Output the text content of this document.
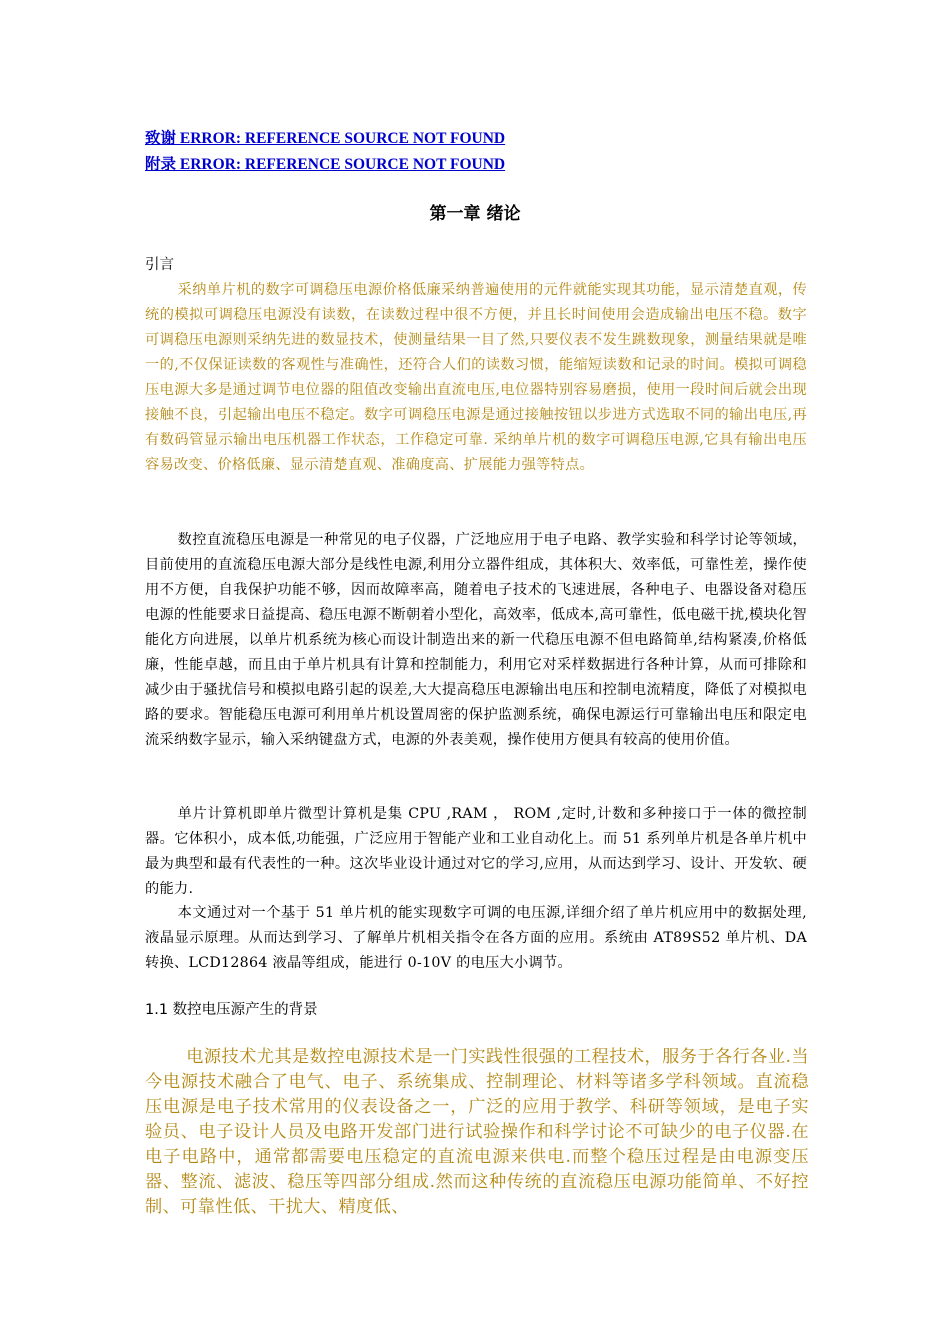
致谢 ERROR: REFERENCE SOURCE NOT FOUND
附录 ERROR: REFERENCE SOURCE NOT FOUND
第一章 绪论
引言

采纳单片机的数字可调稳压电源价格低廉采纳普遍使用的元件就能实现其功能，显示清楚直观，传统的模拟可调稳压电源没有读数，在读数过程中很不方便，并且长时间使用会造成输出电压不稳。数字可调稳压电源则采纳先进的数显技术，使测量结果一目了然,只要仪表不发生跳数现象，测量结果就是唯一的,不仅保证读数的客观性与准确性，还符合人们的读数习惯，能缩短读数和记录的时间。模拟可调稳压电源大多是通过调节电位器的阻值改变输出直流电压,电位器特别容易磨损，使用一段时间后就会出现接触不良，引起输出电压不稳定。数字可调稳压电源是通过接触按钮以步进方式选取不同的输出电压,再有数码管显示输出电压机器工作状态，工作稳定可靠. 采纳单片机的数字可调稳压电源,它具有输出电压容易改变、价格低廉、显示清楚直观、准确度高、扩展能力强等特点。

数控直流稳压电源是一种常见的电子仪器，广泛地应用于电子电路、教学实验和科学讨论等领域，目前使用的直流稳压电源大部分是线性电源,利用分立器件组成，其体积大、效率低，可靠性差，操作使用不方便，自我保护功能不够，因而故障率高，随着电子技术的飞速进展，各种电子、电器设备对稳压电源的性能要求日益提高、稳压电源不断朝着小型化，高效率，低成本,高可靠性，低电磁干扰,模块化智能化方向进展，以单片机系统为核心而设计制造出来的新一代稳压电源不但电路简单,结构紧凑,价格低廉，性能卓越，而且由于单片机具有计算和控制能力，利用它对采样数据进行各种计算，从而可排除和减少由于骚扰信号和模拟电路引起的误差,大大提高稳压电源输出电压和控制电流精度，降低了对模拟电路的要求。智能稳压电源可利用单片机设置周密的保护监测系统，确保电源运行可靠输出电压和限定电流采纳数字显示，输入采纳键盘方式，电源的外表美观，操作使用方便具有较高的使用价值。

单片计算机即单片微型计算机是集 CPU ,RAM ， ROM ,定时,计数和多种接口于一体的微控制器。它体积小，成本低,功能强，广泛应用于智能产业和工业自动化上。而 51 系列单片机是各单片机中最为典型和最有代表性的一种。这次毕业设计通过对它的学习,应用，从而达到学习、设计、开发软、硬的能力.

本文通过对一个基于 51 单片机的能实现数字可调的电压源,详细介绍了单片机应用中的数据处理,液晶显示原理。从而达到学习、了解单片机相关指令在各方面的应用。系统由 AT89S52 单片机、DA 转换、LCD12864 液晶等组成，能进行 0-10V 的电压大小调节。

1.1 数控电压源产生的背景

电源技术尤其是数控电源技术是一门实践性很强的工程技术，服务于各行各业.当今电源技术融合了电气、电子、系统集成、控制理论、材料等诸多学科领域。直流稳压电源是电子技术常用的仪表设备之一，广泛的应用于教学、科研等领域，是电子实验员、电子设计人员及电路开发部门进行试验操作和科学讨论不可缺少的电子仪器.在电子电路中，通常都需要电压稳定的直流电源来供电.而整个稳压过程是由电源变压器、整流、滤波、稳压等四部分组成.然而这种传统的直流稳压电源功能简单、不好控制、可靠性低、干扰大、精度低、
